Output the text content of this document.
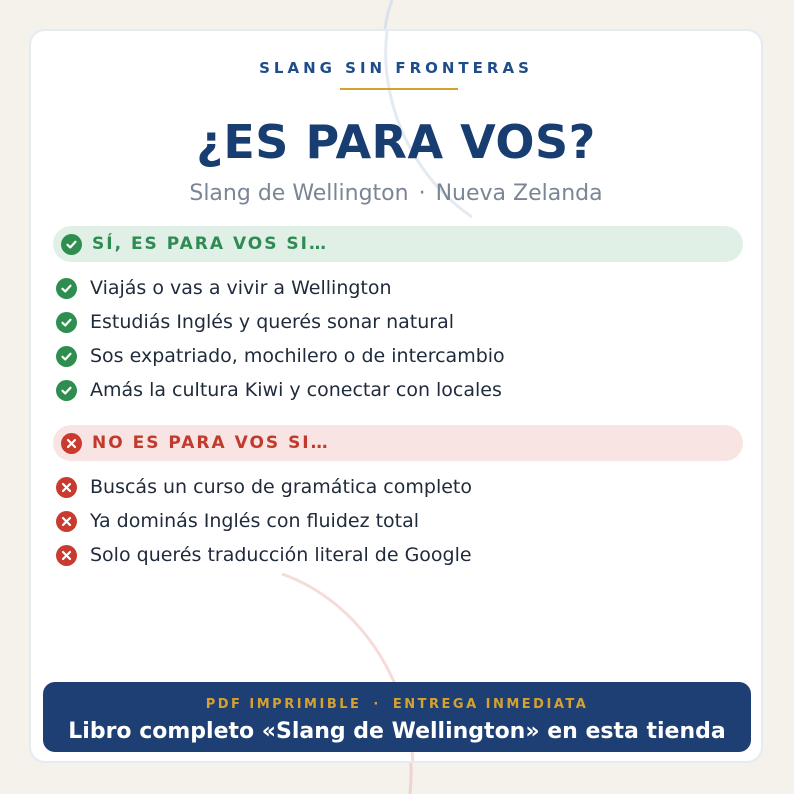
SLANG SIN FRONTERAS
¿ES PARA VOS?
Slang de Wellington · Nueva Zelanda
SÍ, ES PARA VOS SI…
Viajás o vas a vivir a Wellington
Estudiás Inglés y querés sonar natural
Sos expatriado, mochilero o de intercambio
Amás la cultura Kiwi y conectar con locales
NO ES PARA VOS SI…
Buscás un curso de gramática completo
Ya dominás Inglés con fluidez total
Solo querés traducción literal de Google
PDF IMPRIMIBLE · ENTREGA INMEDIATA
Libro completo «Slang de Wellington» en esta tienda
